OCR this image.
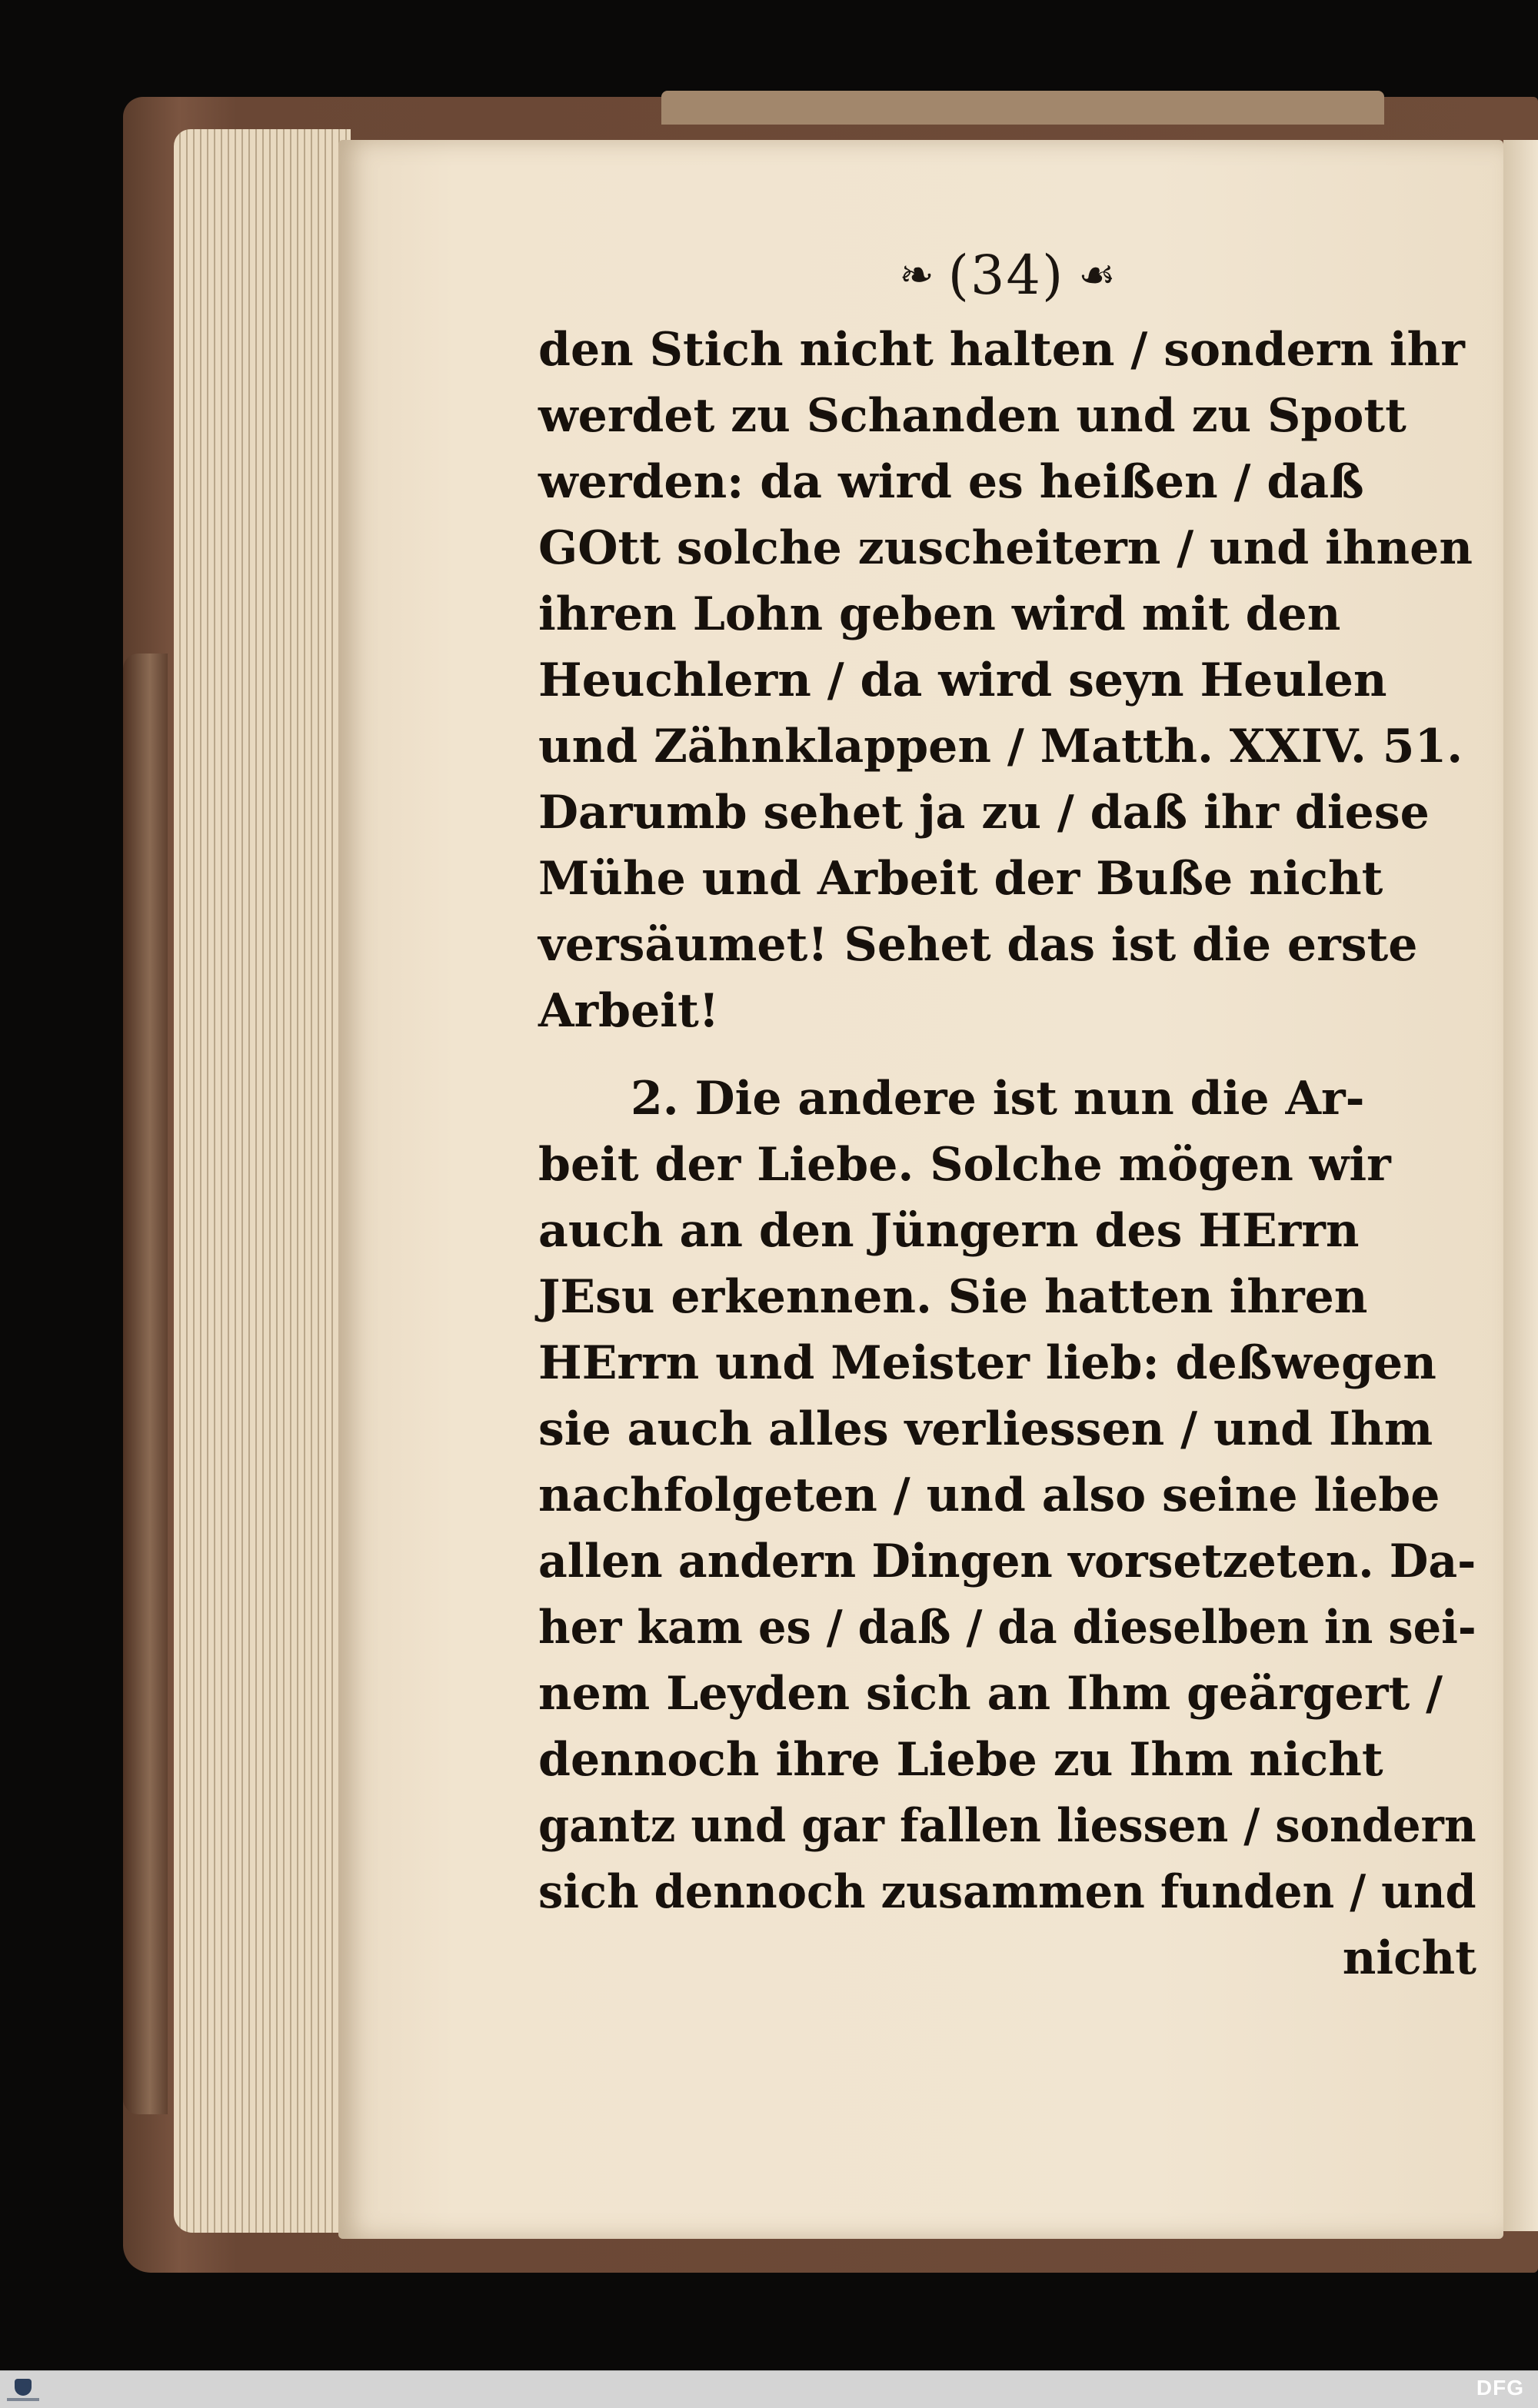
❧ (34) ☙
den Stich nicht halten / sondern ihr
werdet zu Schanden und zu Spott
werden: da wird es heißen / daß
GOtt solche zuscheitern / und ihnen
ihren Lohn geben wird mit den
Heuchlern / da wird seyn Heulen
und Zähnklappen / Matth. XXIV. 51.
Darumb sehet ja zu / daß ihr diese
Mühe und Arbeit der Buße nicht
versäumet! Sehet das ist die erste
Arbeit!
2. Die andere ist nun die Ar-
beit der Liebe. Solche mögen wir
auch an den Jüngern des HErrn
JEsu erkennen. Sie hatten ihren
HErrn und Meister lieb: deßwegen
sie auch alles verliessen / und Ihm
nachfolgeten / und also seine liebe
allen andern Dingen vorsetzeten. Da-
her kam es / daß / da dieselben in sei-
nem Leyden sich an Ihm geärgert /
dennoch ihre Liebe zu Ihm nicht
gantz und gar fallen liessen / sondern
sich dennoch zusammen funden / und
nicht
DFG
